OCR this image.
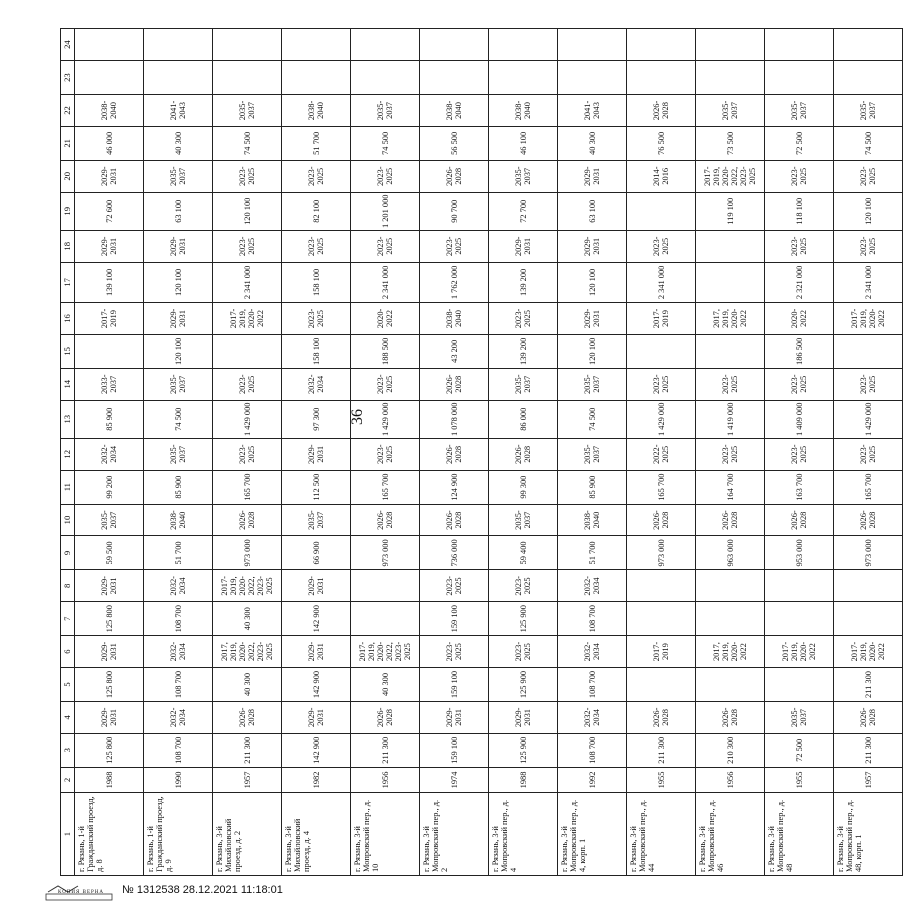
36
1	2	3	4	5	6	7	8	9	10	11	12	13	14	15	16	17	18	19	20	21	22	23	24
г. Рязань, 1-й Гражданский проезд, д. 8	1988	125 800	2029-2031	125 800	2029-2031	125 800	2029-2031	59 500	2035-2037	99 200	2032-2034	85 900	2033-2037		2017-2019	139 100	2029-2031	72 600	2029-2031	46 000	2038-2040		
г. Рязань, 1-й Гражданский проезд, д. 9	1990	108 700	2032-2034	108 700	2032-2034	108 700	2032-2034	51 700	2038-2040	85 900	2035-2037	74 500	2035-2037	120 100	2029-2031	120 100	2029-2031	63 100	2035-2037	40 300	2041-2043		
г. Рязань, 3-й Михайловский проезд, д. 2	1957	211 300	2026-2028	40 300	2017, 2019, 2020-2022, 2023-2025	40 300	2017-2019, 2020-2022, 2023-2025	973 000	2026-2028	165 700	2023-2025	1 429 000	2023-2025		2017-2019, 2020-2022	2 341 000	2023-2025	120 100	2023-2025	74 500	2035-2037		
г. Рязань, 3-й Михайловский проезд, д. 4	1982	142 900	2029-2031	142 900	2029-2031	142 900	2029-2031	66 900	2035-2037	112 500	2029-2031	97 300	2032-2034	158 100	2023-2025	158 100	2023-2025	82 100	2023-2025	51 700	2038-2040		
г. Рязань, 3-й Мопровский пер., д. 10	1956	211 300	2026-2028	40 300	2017-2019, 2020-2022, 2023-2025			973 000	2026-2028	165 700	2023-2025	1 429 000	2023-2025	188 500	2020-2022	2 341 000	2023-2025	1 201 000	2023-2025	74 500	2035-2037		
г. Рязань, 3-й Мопровский пер., д. 2	1974	159 100	2029-2031	159 100	2023-2025	159 100	2023-2025	736 000	2026-2028	124 900	2026-2028	1 078 000	2026-2028	43 200	2038-2040	1 762 000	2023-2025	90 700	2026-2028	56 500	2038-2040		
г. Рязань, 3-й Мопровский пер., д. 4	1988	125 900	2029-2031	125 900	2023-2025	125 900	2023-2025	59 400	2035-2037	99 300	2026-2028	86 000	2035-2037	139 200	2023-2025	139 200	2029-2031	72 700	2035-2037	46 100	2038-2040		
г. Рязань, 3-й Мопровский пер., д. 4, корп. 1	1992	108 700	2032-2034	108 700	2032-2034	108 700	2032-2034	51 700	2038-2040	85 900	2035-2037	74 500	2035-2037	120 100	2029-2031	120 100	2029-2031	63 100	2029-2031	40 300	2041-2043		
г. Рязань, 3-й Мопровский пер., д. 44	1955	211 300	2026-2028		2017-2019			973 000	2026-2028	165 700	2022-2025	1 429 000	2023-2025		2017-2019	2 341 000	2023-2025		2014-2016	76 500	2026-2028		
г. Рязань, 3-й Мопровский пер., д. 46	1956	210 300	2026-2028		2017, 2019, 2020-2022			963 000	2026-2028	164 700	2023-2025	1 419 000	2023-2025		2017, 2019, 2020-2022			119 100	2017-2019, 2020-2022, 2023-2025	73 500	2035-2037		
г. Рязань, 3-й Мопровский пер., д. 48	1955	72 500	2035-2037		2017-2019, 2020-2022			953 000	2026-2028	163 700	2023-2025	1 409 000	2023-2025	186 500	2020-2022	2 321 000	2023-2025	118 100	2023-2025	72 500	2035-2037		
г. Рязань, 3-й Мопровский пер., д. 48, корп. 1	1957	211 300	2026-2028	211 300	2017-2019, 2020-2022			973 000	2026-2028	165 700	2023-2025	1 429 000	2023-2025		2017-2019, 2020-2022	2 341 000	2023-2025	120 100	2023-2025	74 500	2035-2037		
КОПИЯ ВЕРНА № 1312538 28.12.2021 11:18:01
